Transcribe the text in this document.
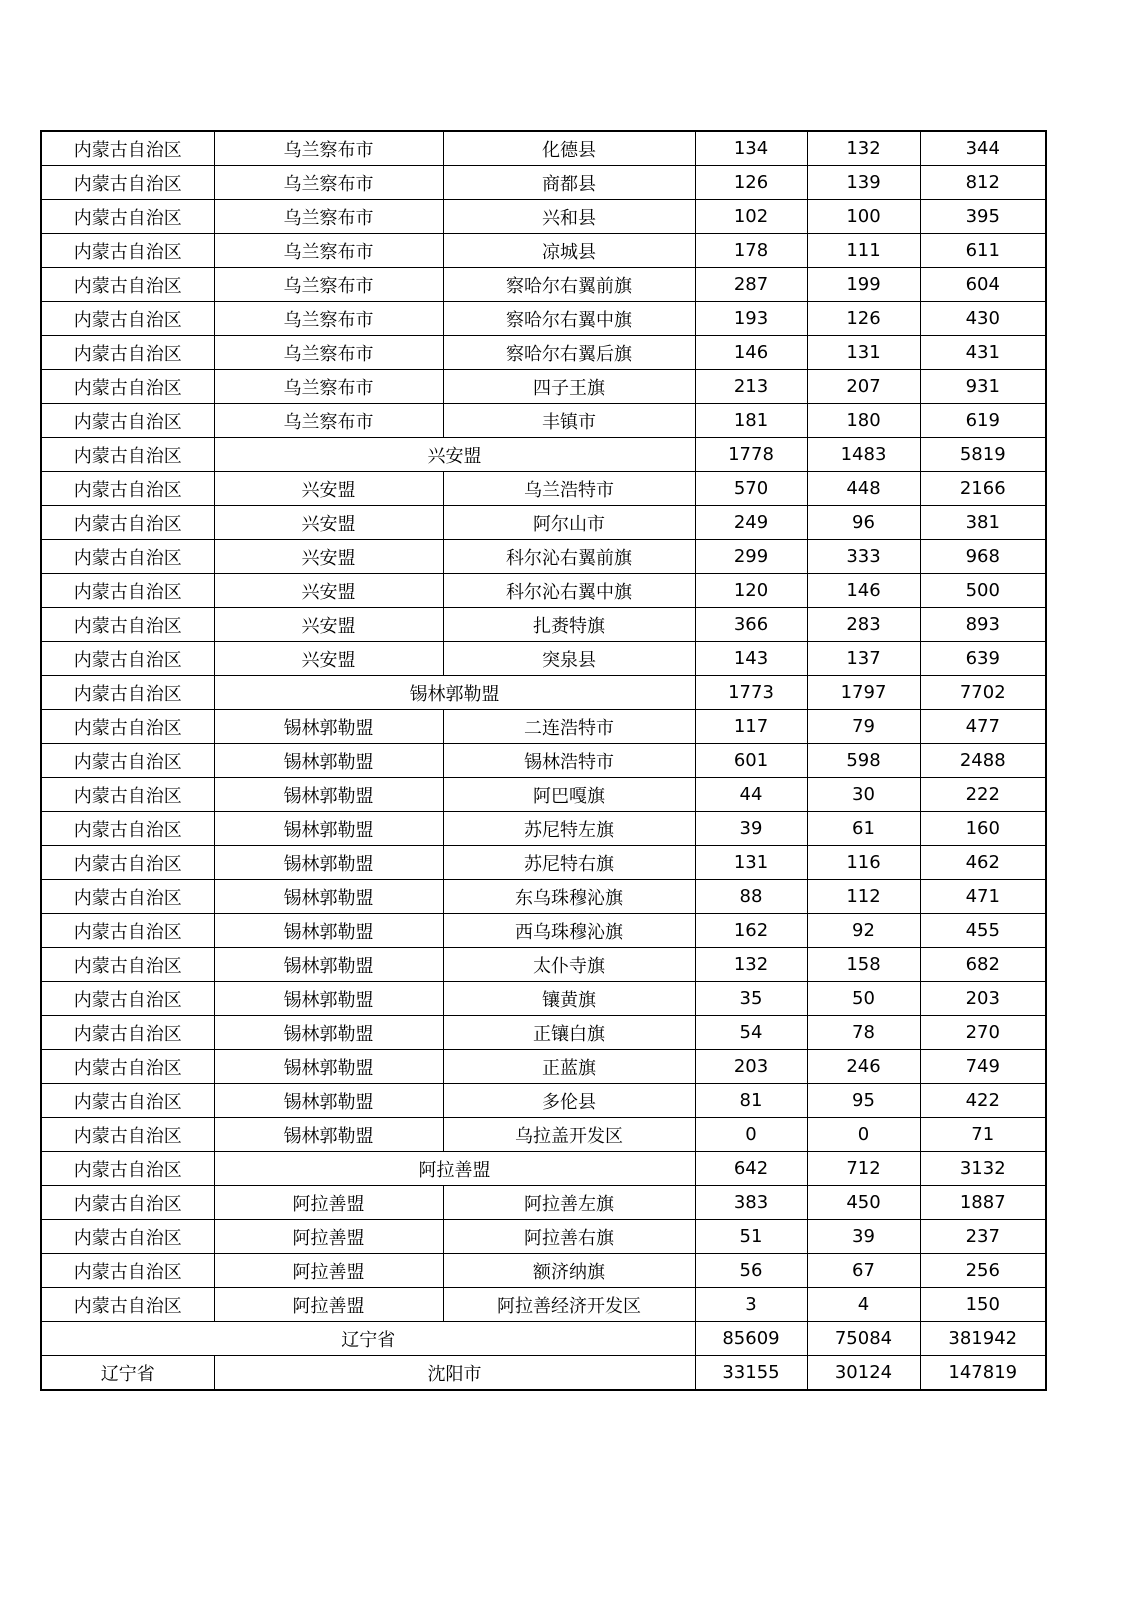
内蒙古自治区	乌兰察布市	化德县	134	132	344
内蒙古自治区	乌兰察布市	商都县	126	139	812
内蒙古自治区	乌兰察布市	兴和县	102	100	395
内蒙古自治区	乌兰察布市	凉城县	178	111	611
内蒙古自治区	乌兰察布市	察哈尔右翼前旗	287	199	604
内蒙古自治区	乌兰察布市	察哈尔右翼中旗	193	126	430
内蒙古自治区	乌兰察布市	察哈尔右翼后旗	146	131	431
内蒙古自治区	乌兰察布市	四子王旗	213	207	931
内蒙古自治区	乌兰察布市	丰镇市	181	180	619
内蒙古自治区	兴安盟		1778	1483	5819
内蒙古自治区	兴安盟	乌兰浩特市	570	448	2166
内蒙古自治区	兴安盟	阿尔山市	249	96	381
内蒙古自治区	兴安盟	科尔沁右翼前旗	299	333	968
内蒙古自治区	兴安盟	科尔沁右翼中旗	120	146	500
内蒙古自治区	兴安盟	扎赉特旗	366	283	893
内蒙古自治区	兴安盟	突泉县	143	137	639
内蒙古自治区	锡林郭勒盟		1773	1797	7702
内蒙古自治区	锡林郭勒盟	二连浩特市	117	79	477
内蒙古自治区	锡林郭勒盟	锡林浩特市	601	598	2488
内蒙古自治区	锡林郭勒盟	阿巴嘎旗	44	30	222
内蒙古自治区	锡林郭勒盟	苏尼特左旗	39	61	160
内蒙古自治区	锡林郭勒盟	苏尼特右旗	131	116	462
内蒙古自治区	锡林郭勒盟	东乌珠穆沁旗	88	112	471
内蒙古自治区	锡林郭勒盟	西乌珠穆沁旗	162	92	455
内蒙古自治区	锡林郭勒盟	太仆寺旗	132	158	682
内蒙古自治区	锡林郭勒盟	镶黄旗	35	50	203
内蒙古自治区	锡林郭勒盟	正镶白旗	54	78	270
内蒙古自治区	锡林郭勒盟	正蓝旗	203	246	749
内蒙古自治区	锡林郭勒盟	多伦县	81	95	422
内蒙古自治区	锡林郭勒盟	乌拉盖开发区	0	0	71
内蒙古自治区	阿拉善盟		642	712	3132
内蒙古自治区	阿拉善盟	阿拉善左旗	383	450	1887
内蒙古自治区	阿拉善盟	阿拉善右旗	51	39	237
内蒙古自治区	阿拉善盟	额济纳旗	56	67	256
内蒙古自治区	阿拉善盟	阿拉善经济开发区	3	4	150
辽宁省			85609	75084	381942
辽宁省	沈阳市		33155	30124	147819
